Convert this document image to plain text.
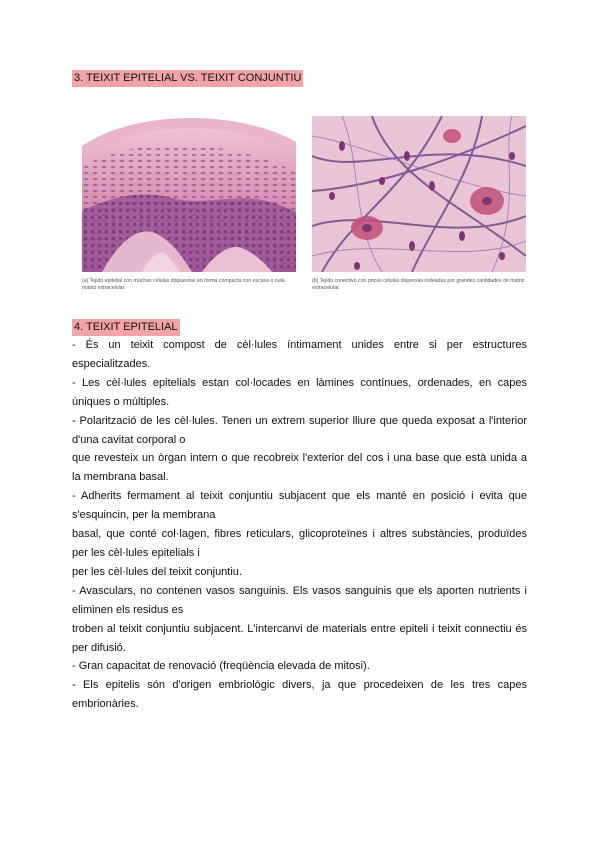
3. TEIXIT EPITELIAL VS. TEIXIT CONJUNTIU
(a) Tejido epitelial con muchas células dispuestas en forma compacta con escasa o nula matriz extracelular.
(b) Tejido conectivo con pocas células dispersas rodeadas por grandes cantidades de matriz extracelular.
4. TEIXIT EPITELIAL

- És un teixit compost de cèl·lules íntimament unides entre si per estructures

especialitzades.

- Les cèl·lules epitelials estan col·locades en làmines contínues, ordenades, en capes

úniques o múltiples.

- Polarització de les cèl·lules. Tenen un extrem superior lliure que queda exposat a l'interior

d'una cavitat corporal o

que revesteix un òrgan intern o que recobreix l'exterior del cos i una base que està unida a

la membrana basal.

- Adherits fermament al teixit conjuntiu subjacent que els manté en posició i evita que

s'esquincin, per la membrana

basal, que conté col·lagen, fibres reticulars, glicoproteïnes i altres substàncies, produïdes

per les cèl·lules epitelials i

per les cèl·lules del teixit conjuntiu.

- Avasculars, no contenen vasos sanguinis. Els vasos sanguinis que els aporten nutrients i

eliminen els residus es

troben al teixit conjuntiu subjacent. L'intercanvi de materials entre epiteli i teixit connectiu és

per difusió.

- Gran capacitat de renovació (freqüència elevada de mitosi).

- Els epitelis són d'origen embriològic divers, ja que procedeixen de les tres capes

embrionàries.
